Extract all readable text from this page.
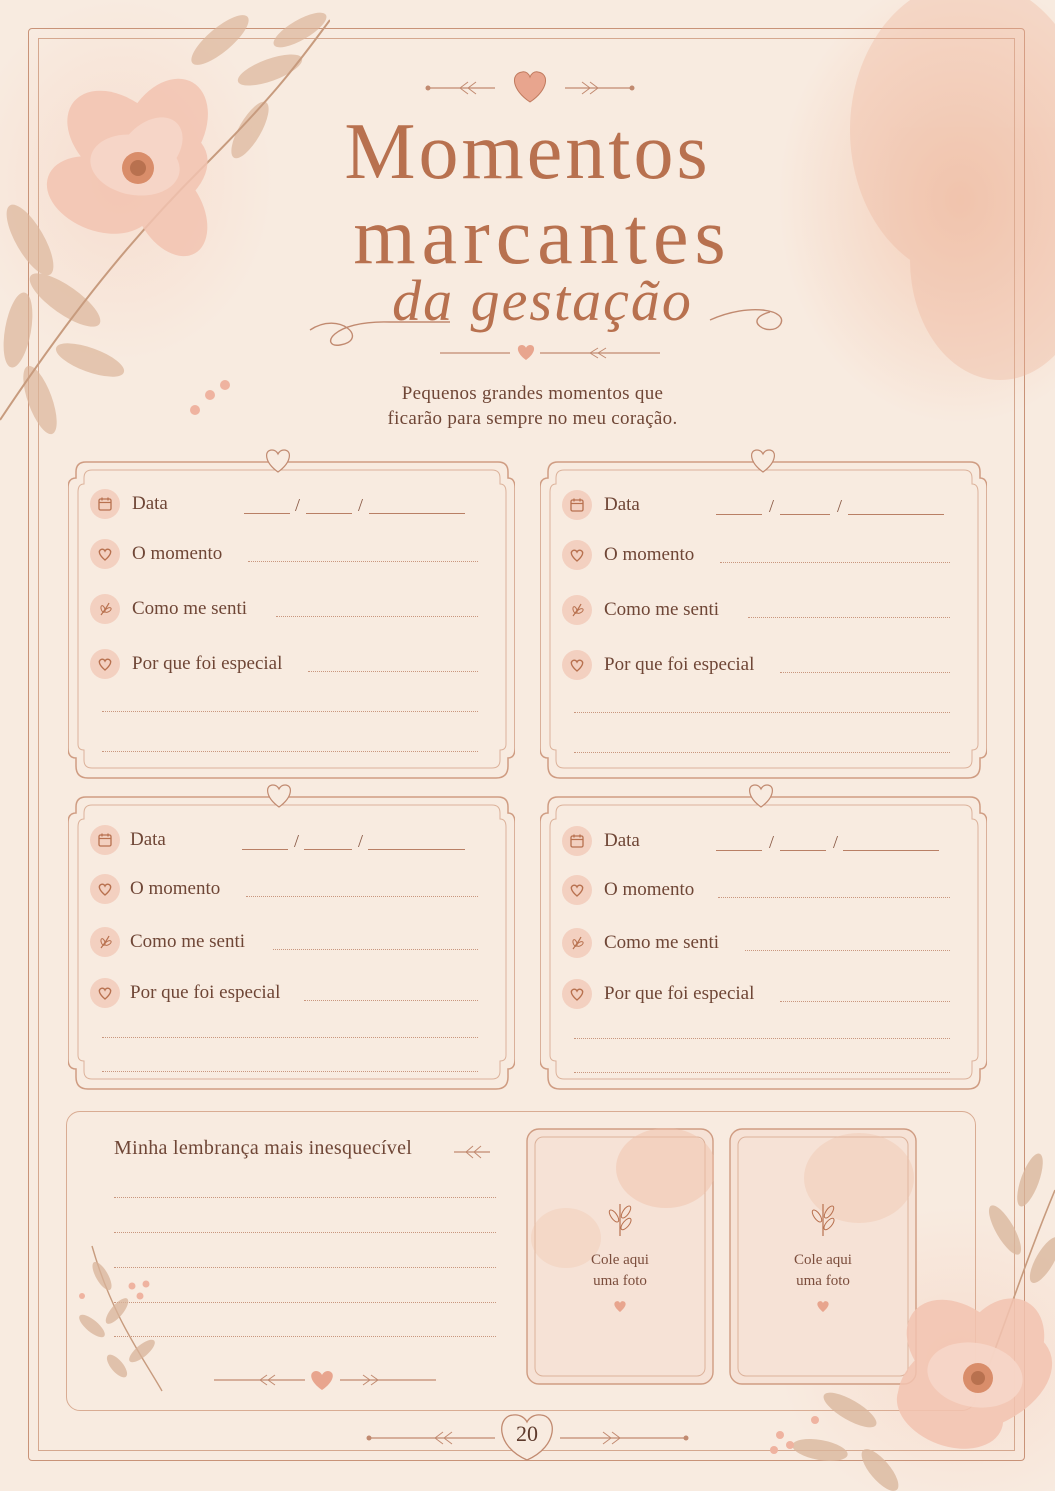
Momentos
marcantes
da gestação
Pequenos grandes momentos que
ficarão para sempre no meu coração.
Data	/	/
O momento
Como me senti
Por que foi especial
Data	/	/
O momento
Como me senti
Por que foi especial
Data	/	/
O momento
Como me senti
Por que foi especial
Data	/	/
O momento
Como me senti
Por que foi especial
Minha lembrança mais inesquecível
Cole aqui
uma foto
Cole aqui
uma foto
20
